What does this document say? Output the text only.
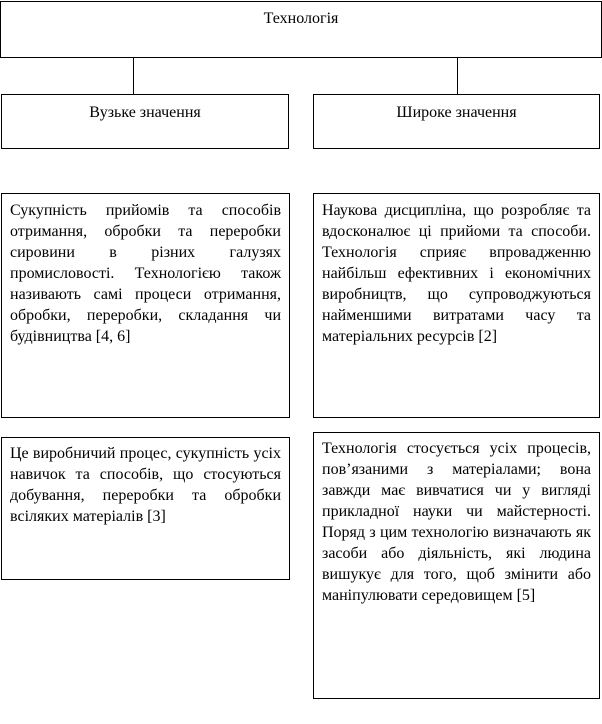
Технологія
Вузьке значення	Широке значення
Сукупність прийомів та способів отримання, обробки та переробки сировини в різних галузях промисловості. Технологією також називають самі процеси отримання, обробки, переробки, складання чи будівництва [4, 6]
Наукова дисципліна, що розробляє та вдосконалює ці прийоми та способи. Технологія сприяє впровадженню найбільш ефективних і економічних виробництв, що супроводжуються найменшими витратами часу та матеріальних ресурсів [2]
Це виробничий процес, сукупність усіх навичок та способів, що стосуються добування, переробки та обробки всіляких матеріалів [3]
Технологія стосується усіх процесів, пов’язаними з матеріалами; вона завжди має вивчатися чи у вигляді прикладної науки чи майстерності. Поряд з цим технологію визначають як засоби або діяльність, які людина вишукує для того, щоб змінити або маніпулювати середовищем [5]
